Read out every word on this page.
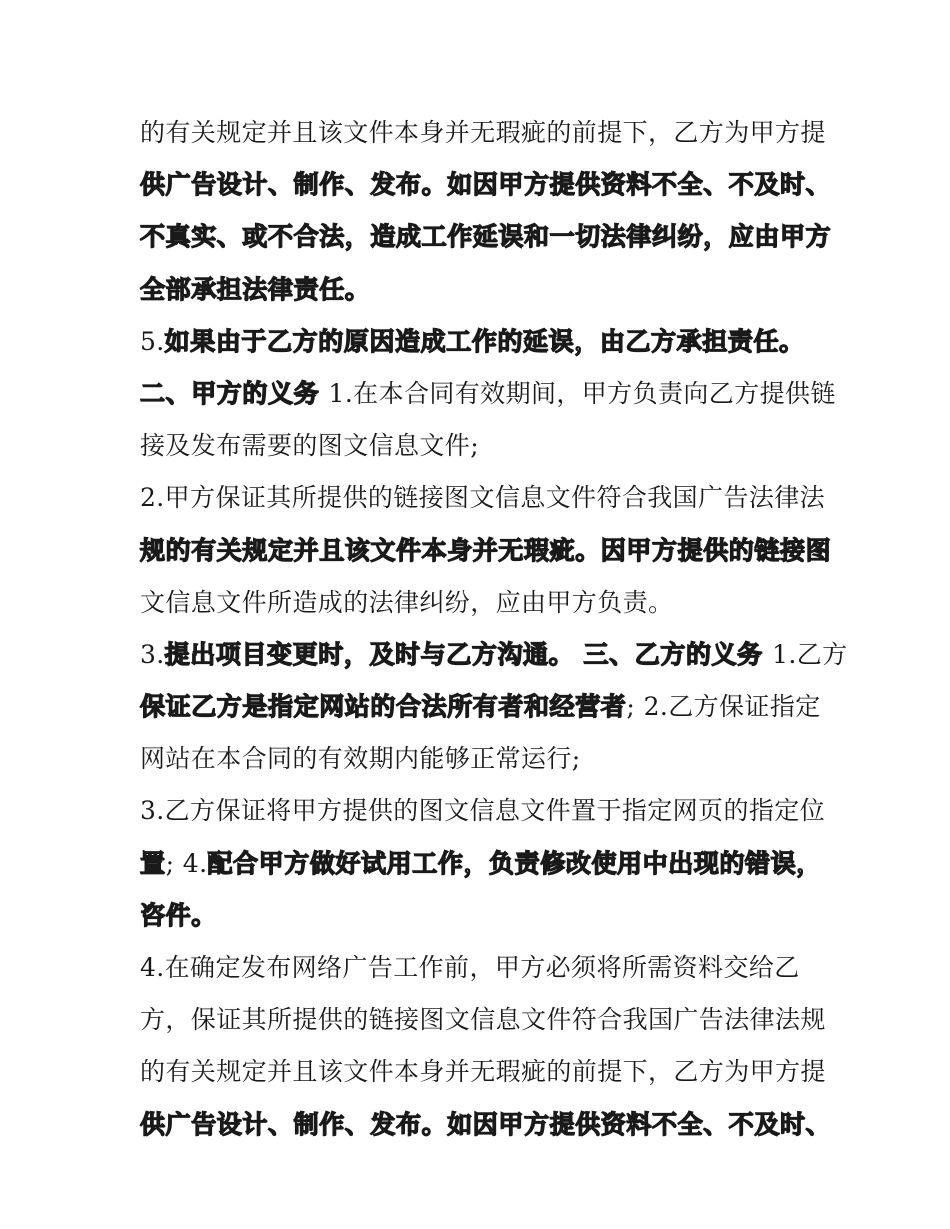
的有关规定并且该文件本身并无瑕疵的前提下，乙方为甲方提
供广告设计、制作、发布。如因甲方提供资料不全、不及时、
不真实、或不合法，造成工作延误和一切法律纠纷，应由甲方
全部承担法律责任。
5.如果由于乙方的原因造成工作的延误，由乙方承担责任。
二、甲方的义务 1.在本合同有效期间，甲方负责向乙方提供链
接及发布需要的图文信息文件;
2.甲方保证其所提供的链接图文信息文件符合我国广告法律法
规的有关规定并且该文件本身并无瑕疵。因甲方提供的链接图
文信息文件所造成的法律纠纷，应由甲方负责。
3.提出项目变更时，及时与乙方沟通。 三、乙方的义务 1.乙方
保证乙方是指定网站的合法所有者和经营者; 2.乙方保证指定
网站在本合同的有效期内能够正常运行;
3.乙方保证将甲方提供的图文信息文件置于指定网页的指定位
置; 4.配合甲方做好试用工作，负责修改使用中出现的错误，
咨件。
4.在确定发布网络广告工作前，甲方必须将所需资料交给乙
方，保证其所提供的链接图文信息文件符合我国广告法律法规
的有关规定并且该文件本身并无瑕疵的前提下，乙方为甲方提
供广告设计、制作、发布。如因甲方提供资料不全、不及时、
